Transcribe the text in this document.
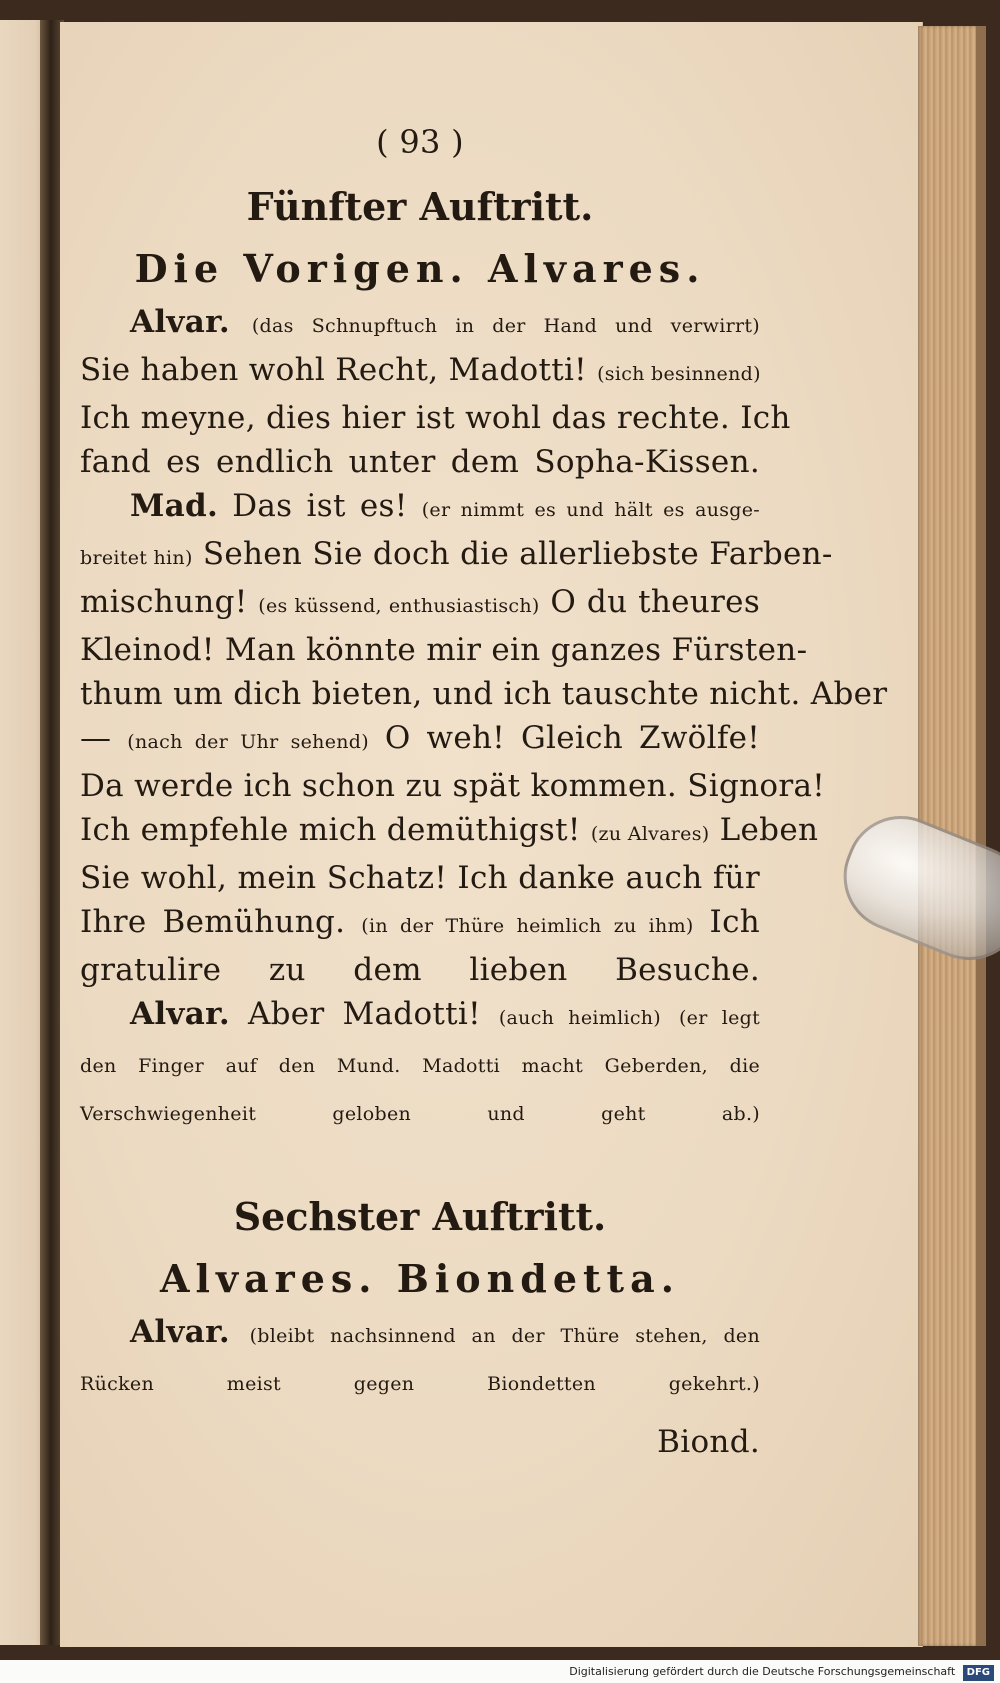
( 93 )
Fünfter Auftritt.
Die Vorigen. Alvares.
Alvar. (das Schnupftuch in der Hand und verwirrt)
Sie haben wohl Recht, Madotti! (sich besinnend)
Ich meyne, dies hier ist wohl das rechte. Ich
fand es endlich unter dem Sopha-Kissen.
Mad. Das ist es! (er nimmt es und hält es ausge-
breitet hin) Sehen Sie doch die allerliebste Farben-
mischung! (es küssend, enthusiastisch) O du theures
Kleinod! Man könnte mir ein ganzes Fürsten-
thum um dich bieten, und ich tauschte nicht. Aber
— (nach der Uhr sehend) O weh! Gleich Zwölfe!
Da werde ich schon zu spät kommen. Signora!
Ich empfehle mich demüthigst! (zu Alvares) Leben
Sie wohl, mein Schatz! Ich danke auch für
Ihre Bemühung. (in der Thüre heimlich zu ihm) Ich
gratulire zu dem lieben Besuche.
Alvar. Aber Madotti! (auch heimlich) (er legt
den Finger auf den Mund. Madotti macht Geberden, die
Verschwiegenheit geloben und geht ab.)
Sechster Auftritt.
Alvares. Biondetta.
Alvar. (bleibt nachsinnend an der Thüre stehen, den
Rücken meist gegen Biondetten gekehrt.)
Biond.
Digitalisierung gefördert durch die Deutsche Forschungsgemeinschaft DFG
